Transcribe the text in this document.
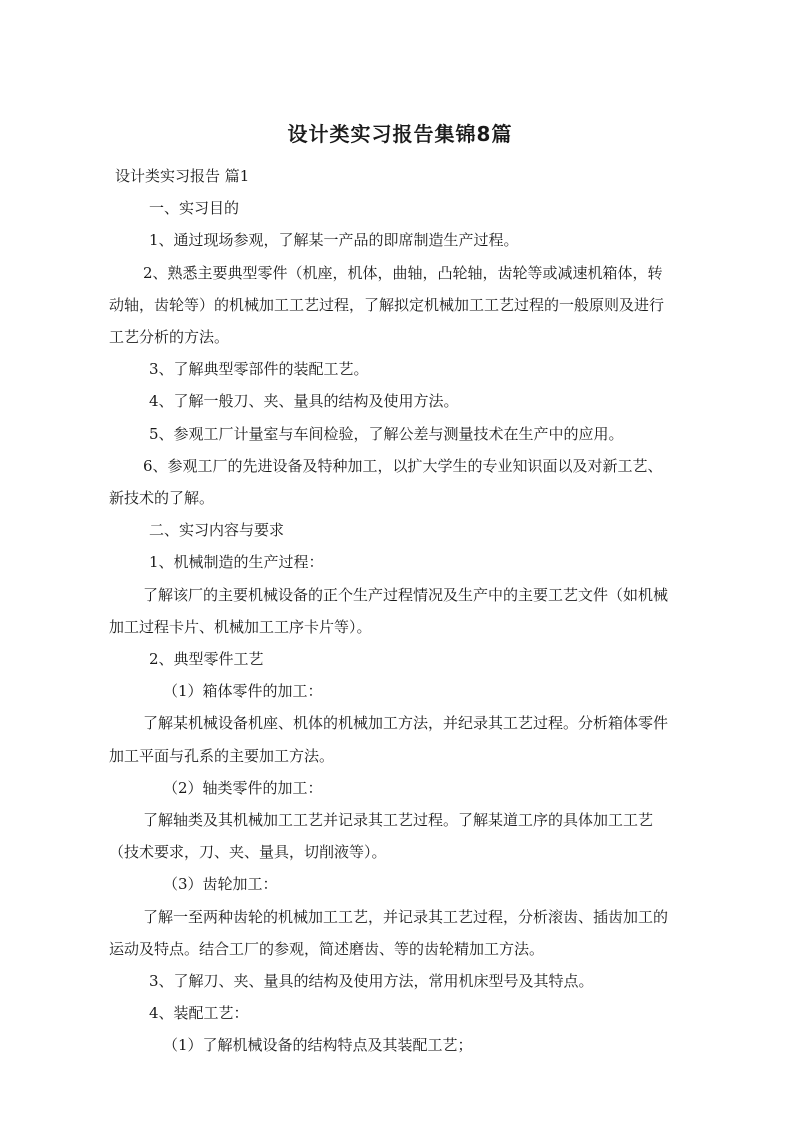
设计类实习报告集锦8篇

设计类实习报告 篇1

一、实习目的

1、通过现场参观，了解某一产品的即席制造生产过程。

2、熟悉主要典型零件（机座，机体，曲轴，凸轮轴，齿轮等或减速机箱体，转动轴，齿轮等）的机械加工工艺过程，了解拟定机械加工工艺过程的一般原则及进行工艺分析的方法。

3、了解典型零部件的装配工艺。

4、了解一般刀、夹、量具的结构及使用方法。

5、参观工厂计量室与车间检验，了解公差与测量技术在生产中的应用。

6、参观工厂的先进设备及特种加工，以扩大学生的专业知识面以及对新工艺、新技术的了解。

二、实习内容与要求

1、机械制造的生产过程：

了解该厂的主要机械设备的正个生产过程情况及生产中的主要工艺文件（如机械加工过程卡片、机械加工工序卡片等）。

2、典型零件工艺

（1）箱体零件的加工：

了解某机械设备机座、机体的机械加工方法，并纪录其工艺过程。分析箱体零件加工平面与孔系的主要加工方法。

（2）轴类零件的加工：

了解轴类及其机械加工工艺并记录其工艺过程。了解某道工序的具体加工工艺（技术要求，刀、夹、量具，切削液等）。

（3）齿轮加工：

了解一至两种齿轮的机械加工工艺，并记录其工艺过程，分析滚齿、插齿加工的运动及特点。结合工厂的参观，简述磨齿、等的齿轮精加工方法。

3、了解刀、夹、量具的结构及使用方法，常用机床型号及其特点。

4、装配工艺：

（1）了解机械设备的结构特点及其装配工艺；
